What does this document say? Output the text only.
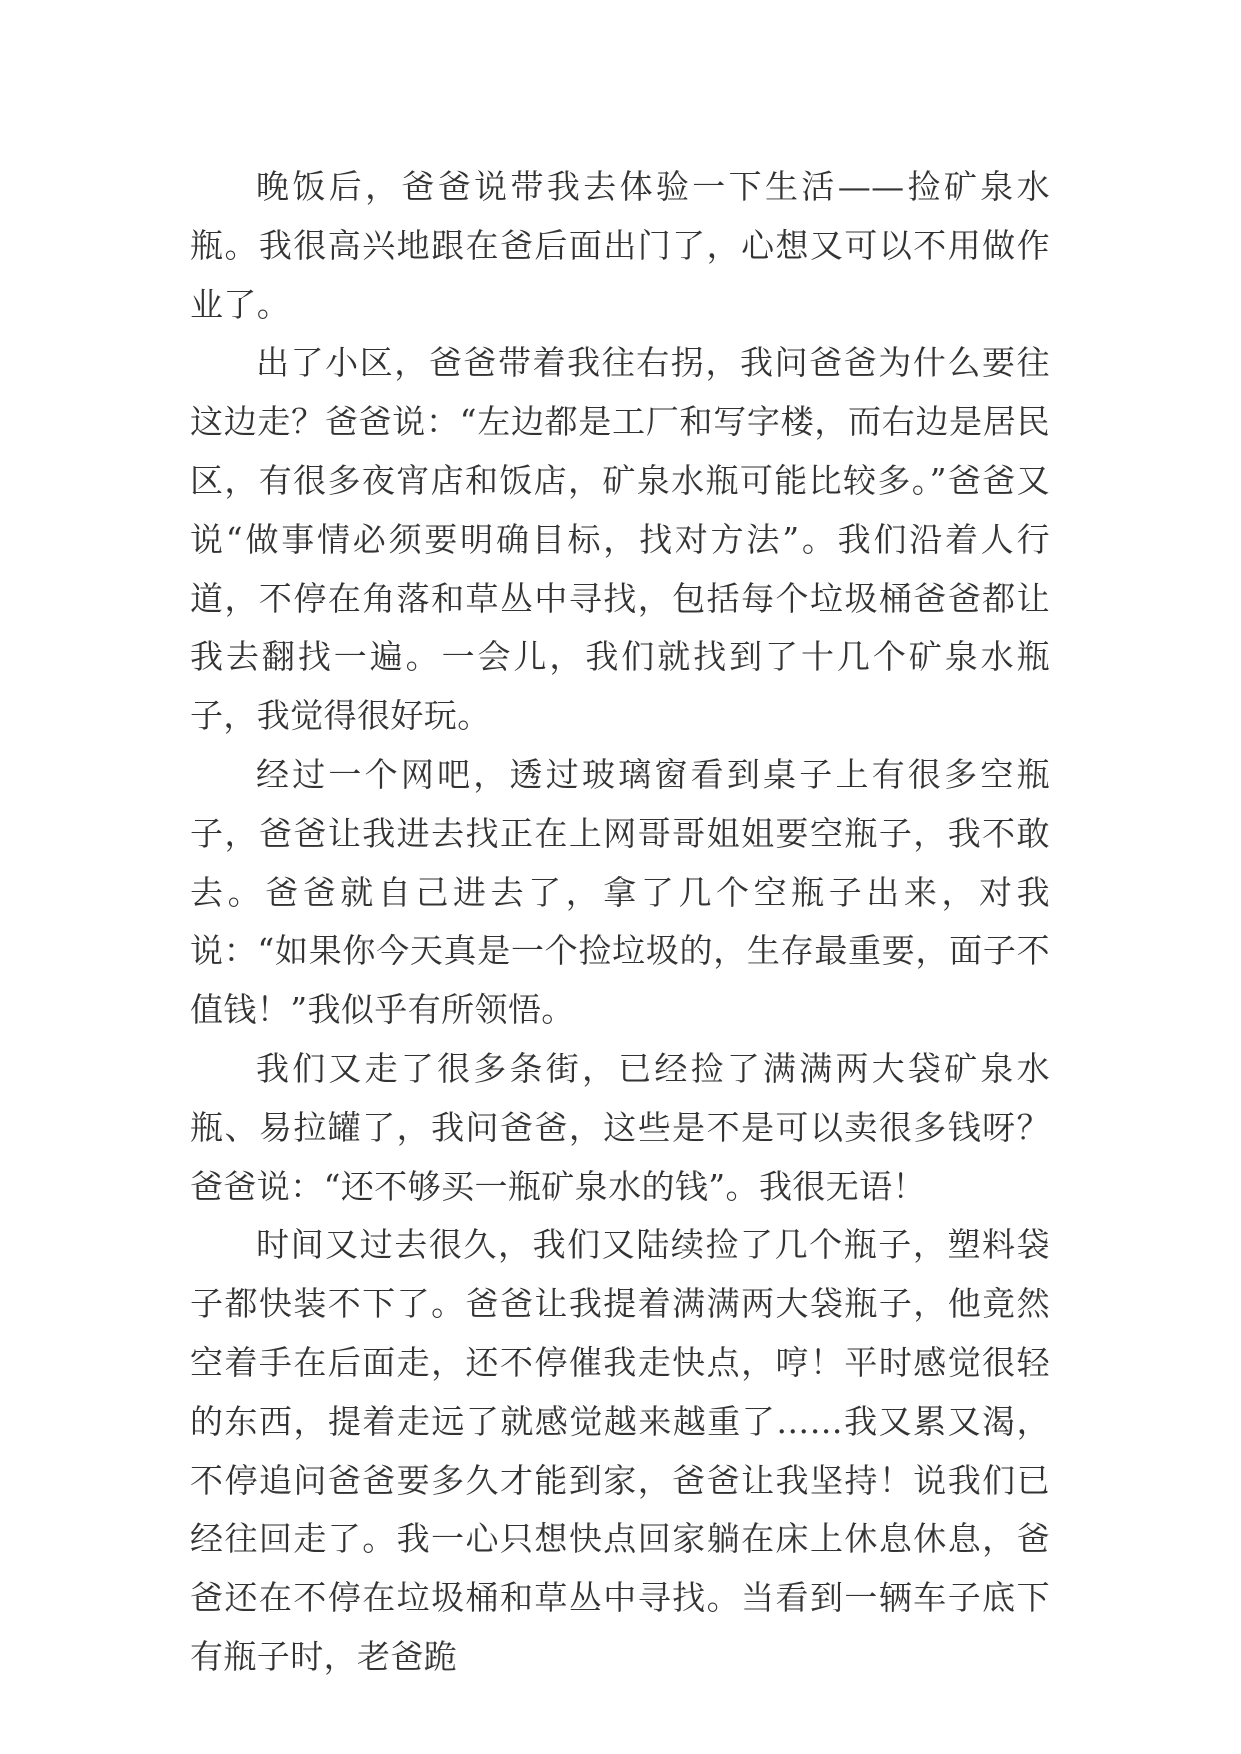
晚饭后，爸爸说带我去体验一下生活——捡矿泉水瓶。我很高兴地跟在爸后面出门了，心想又可以不用做作业了。

出了小区，爸爸带着我往右拐，我问爸爸为什么要往这边走？爸爸说：“左边都是工厂和写字楼，而右边是居民区，有很多夜宵店和饭店，矿泉水瓶可能比较多。”爸爸又说“做事情必须要明确目标，找对方法”。我们沿着人行道，不停在角落和草丛中寻找，包括每个垃圾桶爸爸都让我去翻找一遍。一会儿，我们就找到了十几个矿泉水瓶子，我觉得很好玩。

经过一个网吧，透过玻璃窗看到桌子上有很多空瓶子，爸爸让我进去找正在上网哥哥姐姐要空瓶子，我不敢去。爸爸就自己进去了，拿了几个空瓶子出来，对我说：“如果你今天真是一个捡垃圾的，生存最重要，面子不值钱！”我似乎有所领悟。

我们又走了很多条街，已经捡了满满两大袋矿泉水瓶、易拉罐了，我问爸爸，这些是不是可以卖很多钱呀？爸爸说：“还不够买一瓶矿泉水的钱”。我很无语！

时间又过去很久，我们又陆续捡了几个瓶子，塑料袋子都快装不下了。爸爸让我提着满满两大袋瓶子，他竟然空着手在后面走，还不停催我走快点，哼！平时感觉很轻的东西，提着走远了就感觉越来越重了……我又累又渴，不停追问爸爸要多久才能到家，爸爸让我坚持！说我们已经往回走了。我一心只想快点回家躺在床上休息休息，爸爸还在不停在垃圾桶和草丛中寻找。当看到一辆车子底下有瓶子时，老爸跪
